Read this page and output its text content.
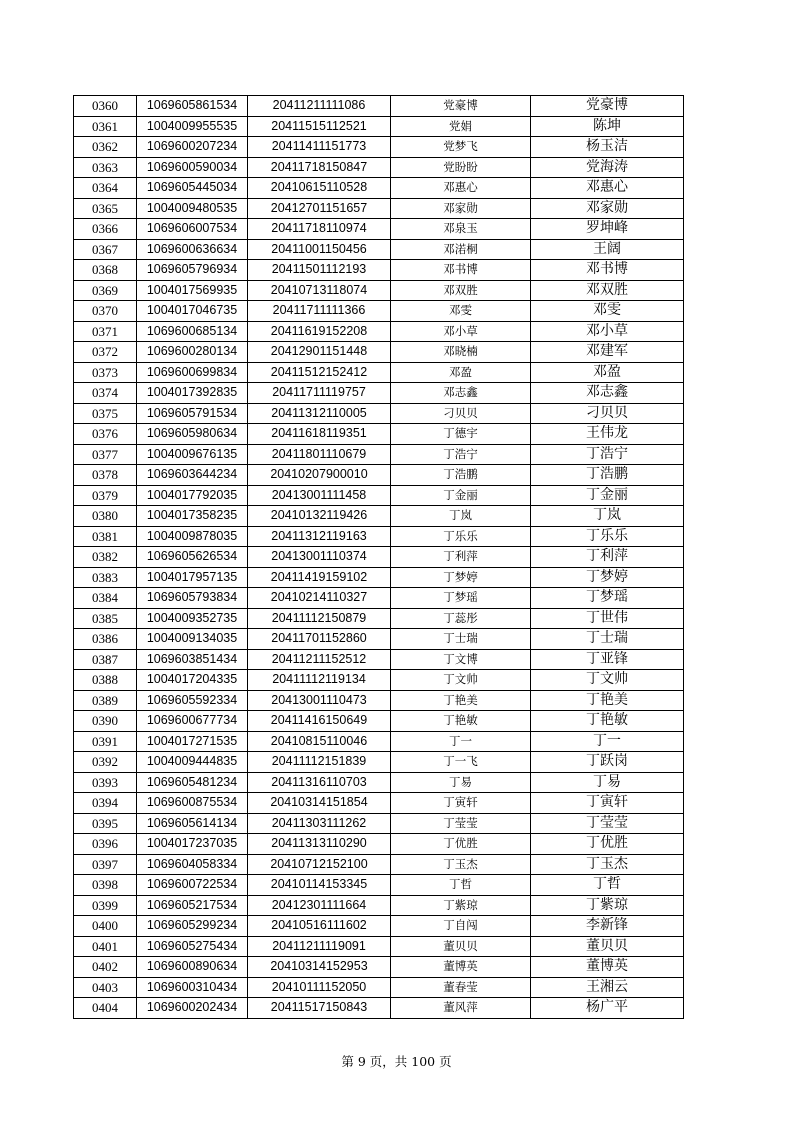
0360	1069605861534	20411211111086	党豪博	党豪博
0361	1004009955535	20411515112521	党娟	陈坤
0362	1069600207234	20411411151773	党梦飞	杨玉洁
0363	1069600590034	20411718150847	党盼盼	党海涛
0364	1069605445034	20410615110528	邓惠心	邓惠心
0365	1004009480535	20412701151657	邓家勋	邓家勋
0366	1069606007534	20411718110974	邓泉玉	罗坤峰
0367	1069600636634	20411001150456	邓渃桐	王阔
0368	1069605796934	20411501112193	邓书博	邓书博
0369	1004017569935	20410713118074	邓双胜	邓双胜
0370	1004017046735	20411711111366	邓雯	邓雯
0371	1069600685134	20411619152208	邓小草	邓小草
0372	1069600280134	20412901151448	邓晓楠	邓建军
0373	1069600699834	20411512152412	邓盈	邓盈
0374	1004017392835	20411711119757	邓志鑫	邓志鑫
0375	1069605791534	20411312110005	刁贝贝	刁贝贝
0376	1069605980634	20411618119351	丁德宇	王伟龙
0377	1004009676135	20411801110679	丁浩宁	丁浩宁
0378	1069603644234	20410207900010	丁浩鹏	丁浩鹏
0379	1004017792035	20413001111458	丁金丽	丁金丽
0380	1004017358235	20410132119426	丁岚	丁岚
0381	1004009878035	20411312119163	丁乐乐	丁乐乐
0382	1069605626534	20413001110374	丁利萍	丁利萍
0383	1004017957135	20411419159102	丁梦婷	丁梦婷
0384	1069605793834	20410214110327	丁梦瑶	丁梦瑶
0385	1004009352735	20411112150879	丁蕊彤	丁世伟
0386	1004009134035	20411701152860	丁士瑞	丁士瑞
0387	1069603851434	20411211152512	丁文博	丁亚锋
0388	1004017204335	20411112119134	丁文帅	丁文帅
0389	1069605592334	20413001110473	丁艳美	丁艳美
0390	1069600677734	20411416150649	丁艳敏	丁艳敏
0391	1004017271535	20410815110046	丁一	丁一
0392	1004009444835	20411112151839	丁一飞	丁跃岗
0393	1069605481234	20411316110703	丁易	丁易
0394	1069600875534	20410314151854	丁寅轩	丁寅轩
0395	1069605614134	20411303111262	丁莹莹	丁莹莹
0396	1004017237035	20411313110290	丁优胜	丁优胜
0397	1069604058334	20410712152100	丁玉杰	丁玉杰
0398	1069600722534	20410114153345	丁哲	丁哲
0399	1069605217534	20412301111664	丁紫琼	丁紫琼
0400	1069605299234	20410516111602	丁自闯	李新锋
0401	1069605275434	20411211119091	董贝贝	董贝贝
0402	1069600890634	20410314152953	董博英	董博英
0403	1069600310434	20410111152050	董春莹	王湘云
0404	1069600202434	20411517150843	董风萍	杨广平
第 9 页，共 100 页
